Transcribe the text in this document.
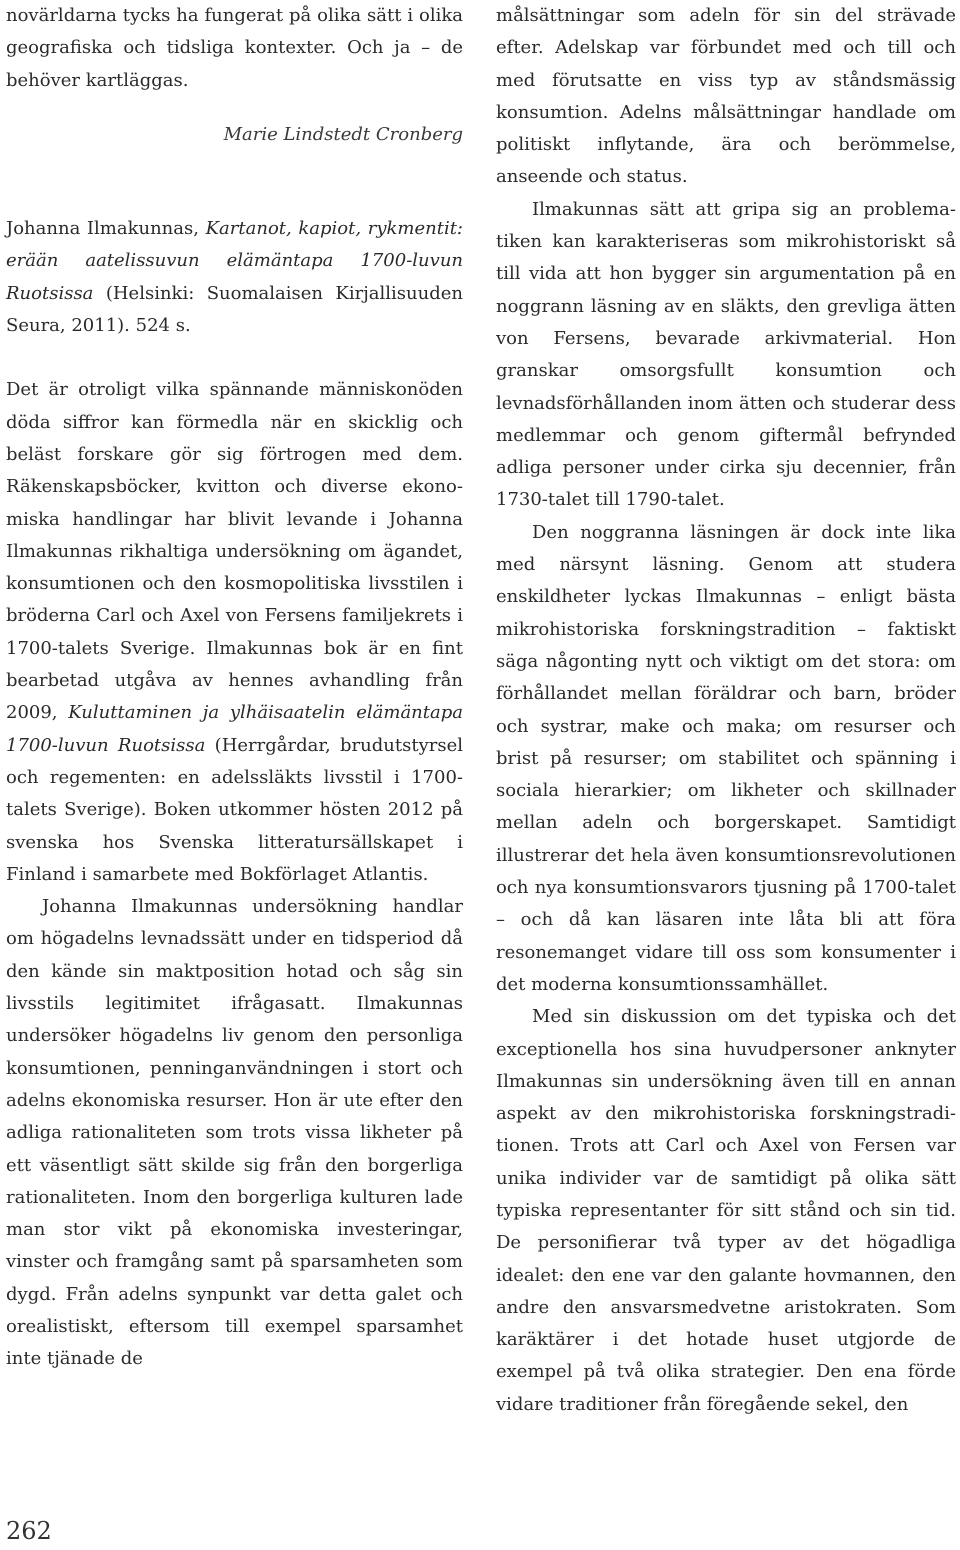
novärldarna tycks ha fungerat på olika sätt i olika geografiska och tidsliga kontexter. Och ja – de behöver kartläggas.

Marie Lindstedt Cronberg

Johanna Ilmakunnas, Kartanot, kapiot, rykmentit: erään aatelissuvun elämäntapa 1700-luvun Ruotsissa (Helsinki: Suomalaisen Kirjallisuuden Seura, 2011). 524 s.

Det är otroligt vilka spännande människonöden döda siffror kan förmedla när en skicklig och beläst forskare gör sig förtrogen med dem. Räkenskapsböcker, kvitton och diverse ekonomiska handlingar har blivit levande i Johanna Ilmakunnas rikhaltiga undersökning om ägandet, konsumtionen och den kosmopolitiska livsstilen i bröderna Carl och Axel von Fersens familjekrets i 1700-talets Sverige. Ilmakunnas bok är en fint bearbetad utgåva av hennes avhandling från 2009, Kuluttaminen ja ylhäisaatelin elämäntapa 1700-luvun Ruotsissa (Herrgårdar, brudutstyrsel och regementen: en adelssläkts livsstil i 1700-talets Sverige). Boken utkommer hösten 2012 på svenska hos Svenska litteratursällskapet i Finland i samarbete med Bokförlaget Atlantis.

Johanna Ilmakunnas undersökning handlar om högadelns levnadssätt under en tidsperiod då den kände sin maktposition hotad och såg sin livsstils legitimitet ifrågasatt. Ilmakunnas undersöker högadelns liv genom den personliga konsumtionen, penninganvändningen i stort och adelns ekonomiska resurser. Hon är ute efter den adliga rationaliteten som trots vissa likheter på ett väsentligt sätt skilde sig från den borgerliga rationaliteten. Inom den borgerliga kulturen lade man stor vikt på ekonomiska investeringar, vinster och framgång samt på sparsamheten som dygd. Från adelns synpunkt var detta galet och orealistiskt, eftersom till exempel sparsamhet inte tjänade de

målsättningar som adeln för sin del strävade efter. Adelskap var förbundet med och till och med förutsatte en viss typ av ståndsmässig konsumtion. Adelns målsättningar handlade om politiskt inflytande, ära och berömmelse, anseende och status.

Ilmakunnas sätt att gripa sig an problematiken kan karakteriseras som mikrohistoriskt så till vida att hon bygger sin argumentation på en noggrann läsning av en släkts, den grevliga ätten von Fersens, bevarade arkivmaterial. Hon granskar omsorgsfullt konsumtion och levnadsförhållanden inom ätten och studerar dess medlemmar och genom giftermål befrynded adliga personer under cirka sju decennier, från 1730-talet till 1790-talet.

Den noggranna läsningen är dock inte lika med närsynt läsning. Genom att studera enskildheter lyckas Ilmakunnas – enligt bästa mikrohistoriska forskningstradition – faktiskt säga någonting nytt och viktigt om det stora: om förhållandet mellan föräldrar och barn, bröder och systrar, make och maka; om resurser och brist på resurser; om stabilitet och spänning i sociala hierarkier; om likheter och skillnader mellan adeln och borgerskapet. Samtidigt illustrerar det hela även konsumtionsrevolutionen och nya konsumtionsvarors tjusning på 1700-talet – och då kan läsaren inte låta bli att föra resonemanget vidare till oss som konsumenter i det moderna konsumtionssamhället.

Med sin diskussion om det typiska och det exceptionella hos sina huvudpersoner anknyter Ilmakunnas sin undersökning även till en annan aspekt av den mikrohistoriska forskningstraditionen. Trots att Carl och Axel von Fersen var unika individer var de samtidigt på olika sätt typiska representanter för sitt stånd och sin tid. De personifierar två typer av det högadliga idealet: den ene var den galante hovmannen, den andre den ansvarsmedvetne aristokraten. Som karäktärer i det hotade huset utgjorde de exempel på två olika strategier. Den ena förde vidare traditioner från föregående sekel, den

262
